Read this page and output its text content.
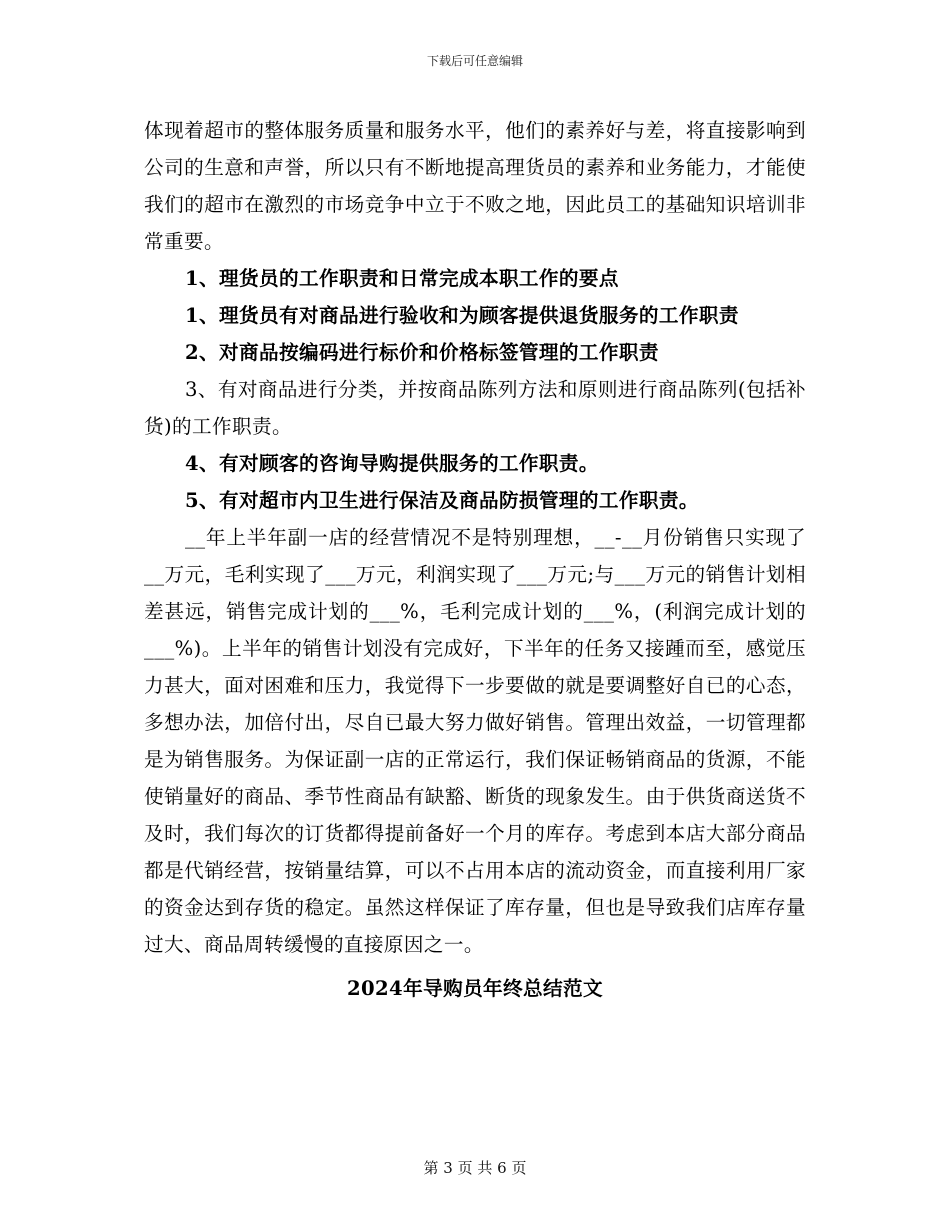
下载后可任意编辑

体现着超市的整体服务质量和服务水平，他们的素养好与差，将直接影响到公司的生意和声誉，所以只有不断地提高理货员的素养和业务能力，才能使我们的超市在激烈的市场竞争中立于不败之地，因此员工的基础知识培训非常重要。

1、理货员的工作职责和日常完成本职工作的要点

1、理货员有对商品进行验收和为顾客提供退货服务的工作职责

2、对商品按编码进行标价和价格标签管理的工作职责

3、有对商品进行分类，并按商品陈列方法和原则进行商品陈列(包括补货)的工作职责。

4、有对顾客的咨询导购提供服务的工作职责。

5、有对超市内卫生进行保洁及商品防损管理的工作职责。

__年上半年副一店的经营情况不是特别理想，__-__月份销售只实现了__万元，毛利实现了___万元，利润实现了___万元;与___万元的销售计划相差甚远，销售完成计划的___%，毛利完成计划的___%，(利润完成计划的___%)。上半年的销售计划没有完成好，下半年的任务又接踵而至，感觉压力甚大，面对困难和压力，我觉得下一步要做的就是要调整好自已的心态，多想办法，加倍付出，尽自已最大努力做好销售。管理出效益，一切管理都是为销售服务。为保证副一店的正常运行，我们保证畅销商品的货源，不能使销量好的商品、季节性商品有缺豁、断货的现象发生。由于供货商送货不及时，我们每次的订货都得提前备好一个月的库存。考虑到本店大部分商品都是代销经营，按销量结算，可以不占用本店的流动资金，而直接利用厂家的资金达到存货的稳定。虽然这样保证了库存量，但也是导致我们店库存量过大、商品周转缓慢的直接原因之一。

2024年导购员年终总结范文
第 3 页 共 6 页
